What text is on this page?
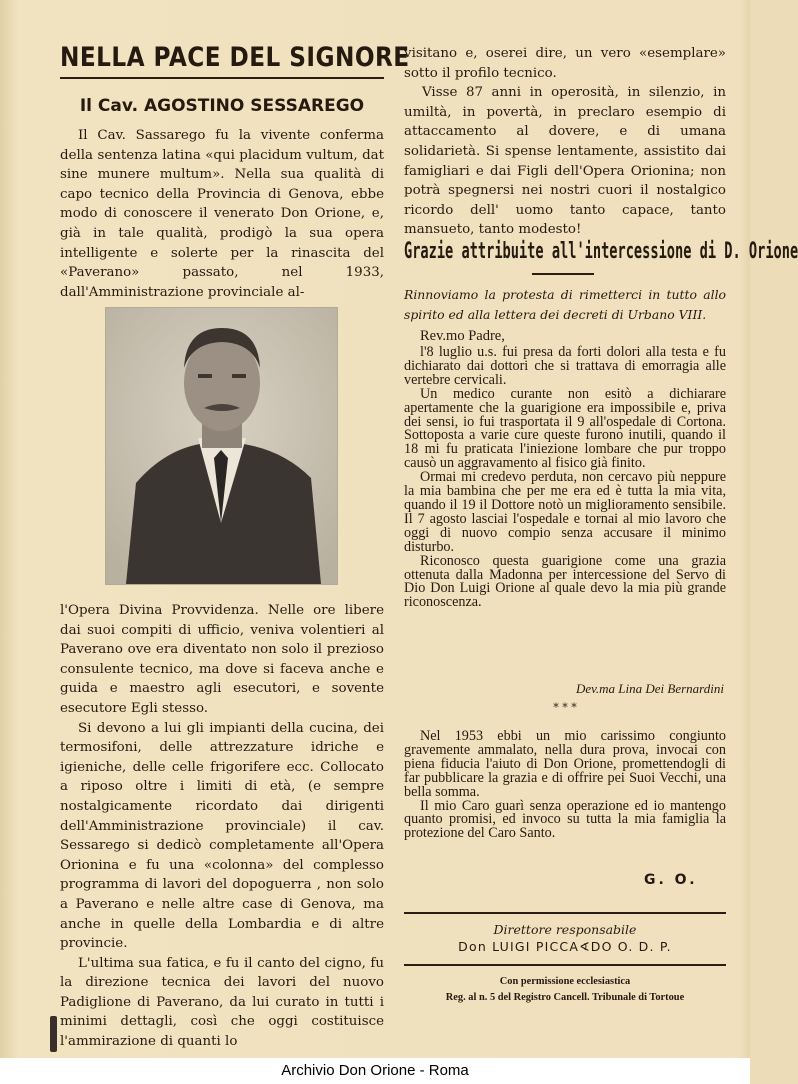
NELLA PACE DEL SIGNORE
Il Cav. AGOSTINO SESSAREGO

Il Cav. Sassarego fu la vivente conferma della sentenza latina «qui placidum vultum, dat sine munere multum». Nella sua qualità di capo tecnico della Provincia di Genova, ebbe modo di conoscere il venerato Don Orione, e, già in tale qualità, prodigò la sua opera intelligente e solerte per la rinascita del «Paverano» passato, nel 1933, dall'Amministrazione provinciale al-

l'Opera Divina Provvidenza. Nelle ore libere dai suoi compiti di ufficio, veniva volentieri al Paverano ove era diventato non solo il prezioso consulente tecnico, ma dove si faceva anche e guida e maestro agli esecutori, e sovente esecutore Egli stesso.

Si devono a lui gli impianti della cucina, dei termosifoni, delle attrezzature idriche e igieniche, delle celle frigorifere ecc. Collocato a riposo oltre i limiti di età, (e sempre nostalgicamente ricordato dai dirigenti dell'Amministrazione provinciale) il cav. Sessarego si dedicò completamente all'Opera Orionina e fu una «colonna» del complesso programma di lavori del dopoguerra , non solo a Paverano e nelle altre case di Genova, ma anche in quelle della Lombardia e di altre provincie.

L'ultima sua fatica, e fu il canto del cigno, fu la direzione tecnica dei lavori del nuovo Padiglione di Paverano, da lui curato in tutti i minimi dettagli, così che oggi costituisce l'ammirazione di quanti lo

visitano e, oserei dire, un vero «esemplare» sotto il profilo tecnico.

Visse 87 anni in operosità, in silenzio, in umiltà, in povertà, in preclaro esempio di attaccamento al dovere, e di umana solidarietà. Si spense lentamente, assistito dai famigliari e dai Figli dell'Opera Orionina; non potrà spegnersi nei nostri cuori il nostalgico ricordo dell' uomo tanto capace, tanto mansueto, tanto modesto!

Grazie attribuite all'intercessione di D. Orione
Rinnoviamo la protesta di rimetterci in tutto allo spirito ed alla lettera dei decreti di Urbano VIII.
Rev.mo Padre,

l'8 luglio u.s. fui presa da forti dolori alla testa e fu dichiarato dai dottori che si trattava di emorragia alle vertebre cervicali.

Un medico curante non esitò a dichiarare apertamente che la guarigione era impossibile e, priva dei sensi, io fui trasportata il 9 all'ospedale di Cortona. Sottoposta a varie cure queste furono inutili, quando il 18 mi fu praticata l'iniezione lombare che pur troppo causò un aggravamento al fisico già finito.

Ormai mi credevo perduta, non cercavo più neppure la mia bambina che per me era ed è tutta la mia vita, quando il 19 il Dottore notò un miglioramento sensibile. Il 7 agosto lasciai l'ospedale e tornai al mio lavoro che oggi di nuovo compio senza accusare il minimo disturbo.

Riconosco questa guarigione come una grazia ottenuta dalla Madonna per intercessione del Servo di Dio Don Luigi Orione al quale devo la mia più grande riconoscenza.

Dev.ma Lina Dei Bernardini
* * *

Nel 1953 ebbi un mio carissimo congiunto gravemente ammalato, nella dura prova, invocai con piena fiducia l'aiuto di Don Orione, promettendogli di far pubblicare la grazia e di offrire pei Suoi Vecchi, una bella somma.

Il mio Caro guarì senza operazione ed io mantengo quanto promisi, ed invoco su tutta la mia famiglia la protezione del Caro Santo.

G. O.
Direttore responsabile
Don LUIGI PICCA∢DO O. D. P.
Con permissione ecclesiastica
Reg. al n. 5 del Registro Cancell. Tribunale di Tortoue
Archivio Don Orione - Roma
